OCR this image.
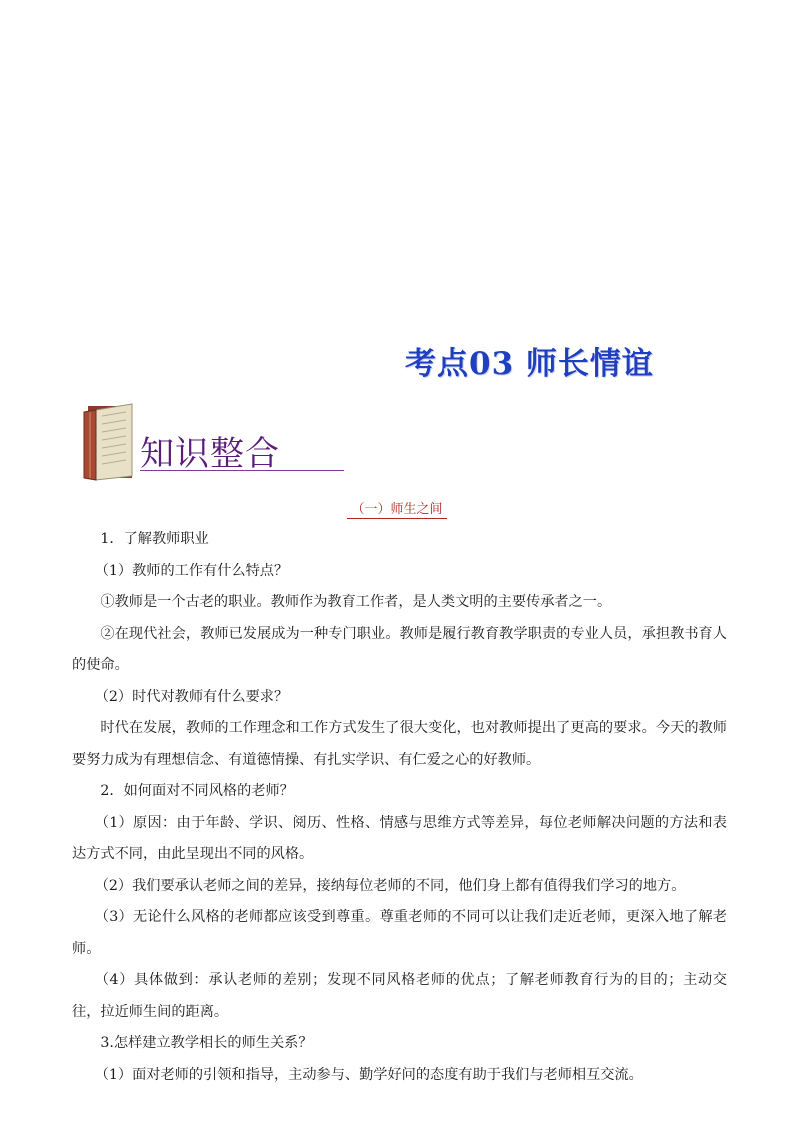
考点03 师长情谊
知识整合
（一）师生之间

1．了解教师职业

（1）教师的工作有什么特点？

①教师是一个古老的职业。教师作为教育工作者，是人类文明的主要传承者之一。

②在现代社会，教师已发展成为一种专门职业。教师是履行教育教学职责的专业人员，承担教书育人的使命。

（2）时代对教师有什么要求？

时代在发展，教师的工作理念和工作方式发生了很大变化，也对教师提出了更高的要求。今天的教师要努力成为有理想信念、有道德情操、有扎实学识、有仁爱之心的好教师。

2．如何面对不同风格的老师？

（1）原因：由于年龄、学识、阅历、性格、情感与思维方式等差异，每位老师解决问题的方法和表达方式不同，由此呈现出不同的风格。

（2）我们要承认老师之间的差异，接纳每位老师的不同，他们身上都有值得我们学习的地方。

（3）无论什么风格的老师都应该受到尊重。尊重老师的不同可以让我们走近老师，更深入地了解老师。

（4）具体做到：承认老师的差别；发现不同风格老师的优点；了解老师教育行为的目的；主动交往，拉近师生间的距离。

3.怎样建立教学相长的师生关系？

（1）面对老师的引领和指导，主动参与、勤学好问的态度有助于我们与老师相互交流。
